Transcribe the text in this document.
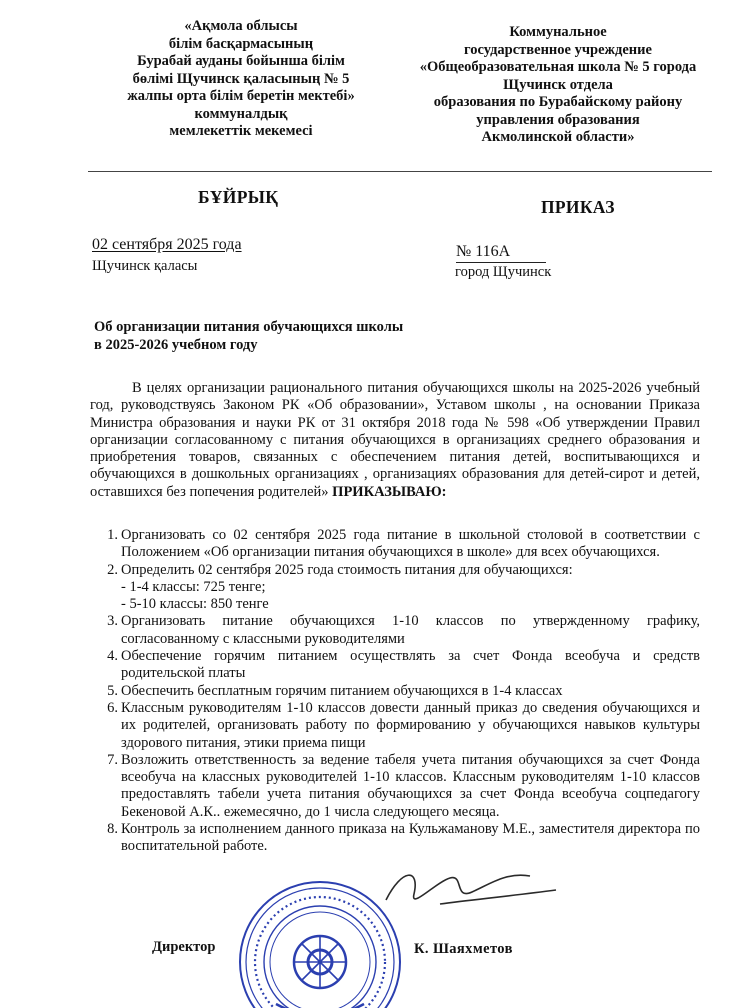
«Ақмола облысы
білім басқармасының
Бурабай ауданы бойынша білім
бөлімі Щучинск қаласының № 5
жалпы орта білім беретін мектебі»
коммуналдық
мемлекеттік мекемесі
Коммунальное
государственное учреждение
«Общеобразовательная школа № 5 города
Щучинск отдела
образования по Бурабайскому району
управления образования
Акмолинской области»
БҰЙРЫҚ	ПРИКАЗ
02 сентября 2025 года
Щучинск қаласы
№ 116А
город Щучинск
Об организации питания обучающихся школы
в 2025-2026 учебном году
В целях организации рационального питания обучающихся школы на 2025-2026 учебный год, руководствуясь Законом РК «Об образовании», Уставом школы , на основании Приказа Министра образования и науки РК от 31 октября 2018 года № 598 «Об утверждении Правил организации согласованному с питания обучающихся в организациях среднего образования и приобретения товаров, связанных с обеспечением питания детей, воспитывающихся и обучающихся в дошкольных организациях , организациях образования для детей-сирот и детей, оставшихся без попечения родителей» ПРИКАЗЫВАЮ:
1. Организовать со 02 сентября 2025 года питание в школьной столовой в соответствии с Положением «Об организации питания обучающихся в школе» для всех обучающихся.
2. Определить 02 сентября 2025 года стоимость питания для обучающихся:
- 1-4 классы: 725 тенге;
- 5-10 классы: 850 тенге
3. Организовать питание обучающихся 1-10 классов по утвержденному графику, согласованному с классными руководителями
4. Обеспечение горячим питанием осуществлять за счет Фонда всеобуча и средств родительской платы
5. Обеспечить бесплатным горячим питанием обучающихся в 1-4 классах
6. Классным руководителям 1-10 классов довести данный приказ до сведения обучающихся и их родителей, организовать работу по формированию у обучающихся навыков культуры здорового питания, этики приема пищи
7. Возложить ответственность за ведение табеля учета питания обучающихся за счет Фонда всеобуча на классных руководителей 1-10 классов. Классным руководителям 1-10 классов предоставлять табели учета питания обучающихся за счет Фонда всеобуча соцпедагогу Бекеновой А.К.. ежемесячно, до 1 числа следующего месяца.
8. Контроль за исполнением данного приказа на Кульжаманову М.Е., заместителя директора по воспитательной работе.
Директор	К. Шаяхметов
